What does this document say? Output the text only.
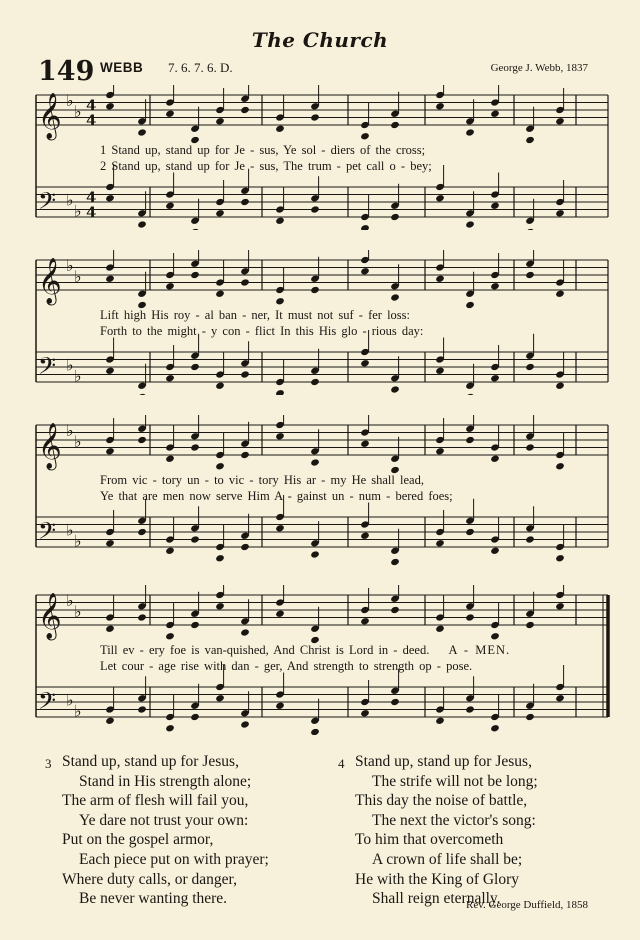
The Church
149 WEBB 7. 6. 7. 6. D.	George J. Webb, 1837
𝄞 ♭
♭ 4
4
𝄢 ♭
♭
4
4
1 Stand up, stand up for Je - sus, Ye sol - diers of the cross;
2 Stand up, stand up for Je - sus, The trum - pet call o - bey;
𝄞 ♭
♭
𝄢 ♭
♭
Lift high His roy - al ban - ner, It must not suf - fer loss:
Forth to the might - y con - flict In this His glo - rious day:
𝄞 ♭
♭
𝄢 ♭
♭
From vic - tory un - to vic - tory His ar - my He shall lead,
Ye that are men now serve Him A - gainst un - num - bered foes;
𝄞 ♭
♭
𝄢 ♭
♭
Till ev - ery foe is van-quished, And Christ is Lord in - deed. A - MEN.
Let cour - age rise with dan - ger, And strength to strength op - pose.
3 Stand up, stand up for Jesus,
Stand in His strength alone;
The arm of flesh will fail you,
Ye dare not trust your own:
Put on the gospel armor,
Each piece put on with prayer;
Where duty calls, or danger,
Be never wanting there.
4 Stand up, stand up for Jesus,
The strife will not be long;
This day the noise of battle,
The next the victor's song:
To him that overcometh
A crown of life shall be;
He with the King of Glory
Shall reign eternally.
Rev. George Duffield, 1858
